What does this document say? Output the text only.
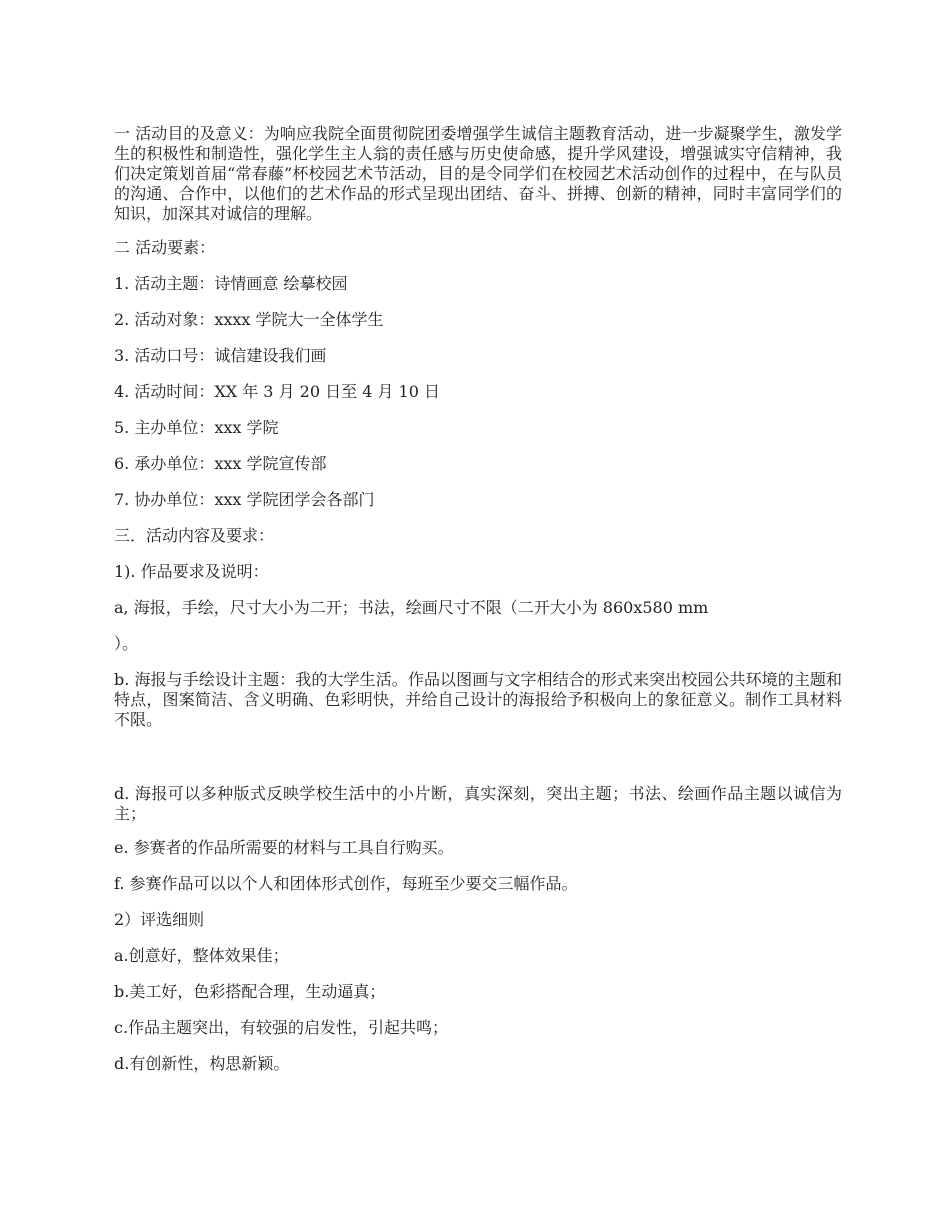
一 活动目的及意义：为响应我院全面贯彻院团委增强学生诚信主题教育活动，进一步凝聚学生，激发学生的积极性和制造性，强化学生主人翁的责任感与历史使命感，提升学风建设，增强诚实守信精神，我们决定策划首届“常春藤”杯校园艺术节活动，目的是令同学们在校园艺术活动创作的过程中，在与队员的沟通、合作中，以他们的艺术作品的形式呈现出团结、奋斗、拼搏、创新的精神，同时丰富同学们的知识，加深其对诚信的理解。

二 活动要素：

1. 活动主题：诗情画意 绘摹校园

2. 活动对象：xxxx 学院大一全体学生

3. 活动口号：诚信建设我们画

4. 活动时间：XX 年 3 月 20 日至 4 月 10 日

5. 主办单位：xxx 学院

6. 承办单位：xxx 学院宣传部

7. 协办单位：xxx 学院团学会各部门

三．活动内容及要求：

1). 作品要求及说明：

a, 海报，手绘，尺寸大小为二开；书法，绘画尺寸不限（二开大小为 860x580 mm

）。

b. 海报与手绘设计主题：我的大学生活。作品以图画与文字相结合的形式来突出校园公共环境的主题和特点，图案简洁、含义明确、色彩明快，并给自己设计的海报给予积极向上的象征意义。制作工具材料不限。

d. 海报可以多种版式反映学校生活中的小片断，真实深刻，突出主题；书法、绘画作品主题以诚信为主；

e. 参赛者的作品所需要的材料与工具自行购买。

f. 参赛作品可以以个人和团体形式创作，每班至少要交三幅作品。

2）评选细则

a.创意好，整体效果佳；

b.美工好，色彩搭配合理，生动逼真；

c.作品主题突出，有较强的启发性，引起共鸣；

d.有创新性，构思新颖。
